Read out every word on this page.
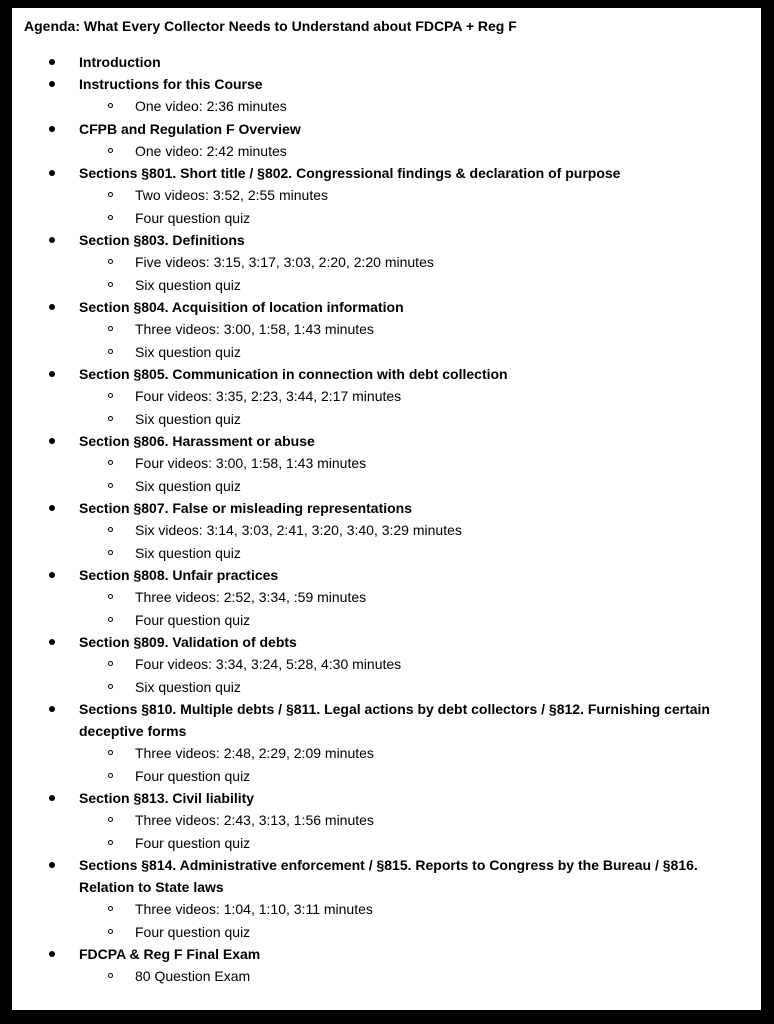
Agenda: What Every Collector Needs to Understand about FDCPA + Reg F
Introduction
Instructions for this Course
One video: 2:36 minutes
CFPB and Regulation F Overview
One video: 2:42 minutes
Sections §801. Short title / §802. Congressional findings & declaration of purpose
Two videos: 3:52, 2:55 minutes
Four question quiz
Section §803. Definitions
Five videos: 3:15, 3:17, 3:03, 2:20, 2:20 minutes
Six question quiz
Section §804. Acquisition of location information
Three videos: 3:00, 1:58, 1:43 minutes
Six question quiz
Section §805. Communication in connection with debt collection
Four videos: 3:35, 2:23, 3:44, 2:17 minutes
Six question quiz
Section §806. Harassment or abuse
Four videos: 3:00, 1:58, 1:43 minutes
Six question quiz
Section §807. False or misleading representations
Six videos: 3:14, 3:03, 2:41, 3:20, 3:40, 3:29 minutes
Six question quiz
Section §808. Unfair practices
Three videos: 2:52, 3:34, :59 minutes
Four question quiz
Section §809. Validation of debts
Four videos: 3:34, 3:24, 5:28, 4:30 minutes
Six question quiz
Sections §810. Multiple debts / §811. Legal actions by debt collectors / §812. Furnishing certain deceptive forms
Three videos: 2:48, 2:29, 2:09 minutes
Four question quiz
Section §813. Civil liability
Three videos: 2:43, 3:13, 1:56 minutes
Four question quiz
Sections §814. Administrative enforcement / §815. Reports to Congress by the Bureau / §816. Relation to State laws
Three videos: 1:04, 1:10, 3:11 minutes
Four question quiz
FDCPA & Reg F Final Exam
80 Question Exam
